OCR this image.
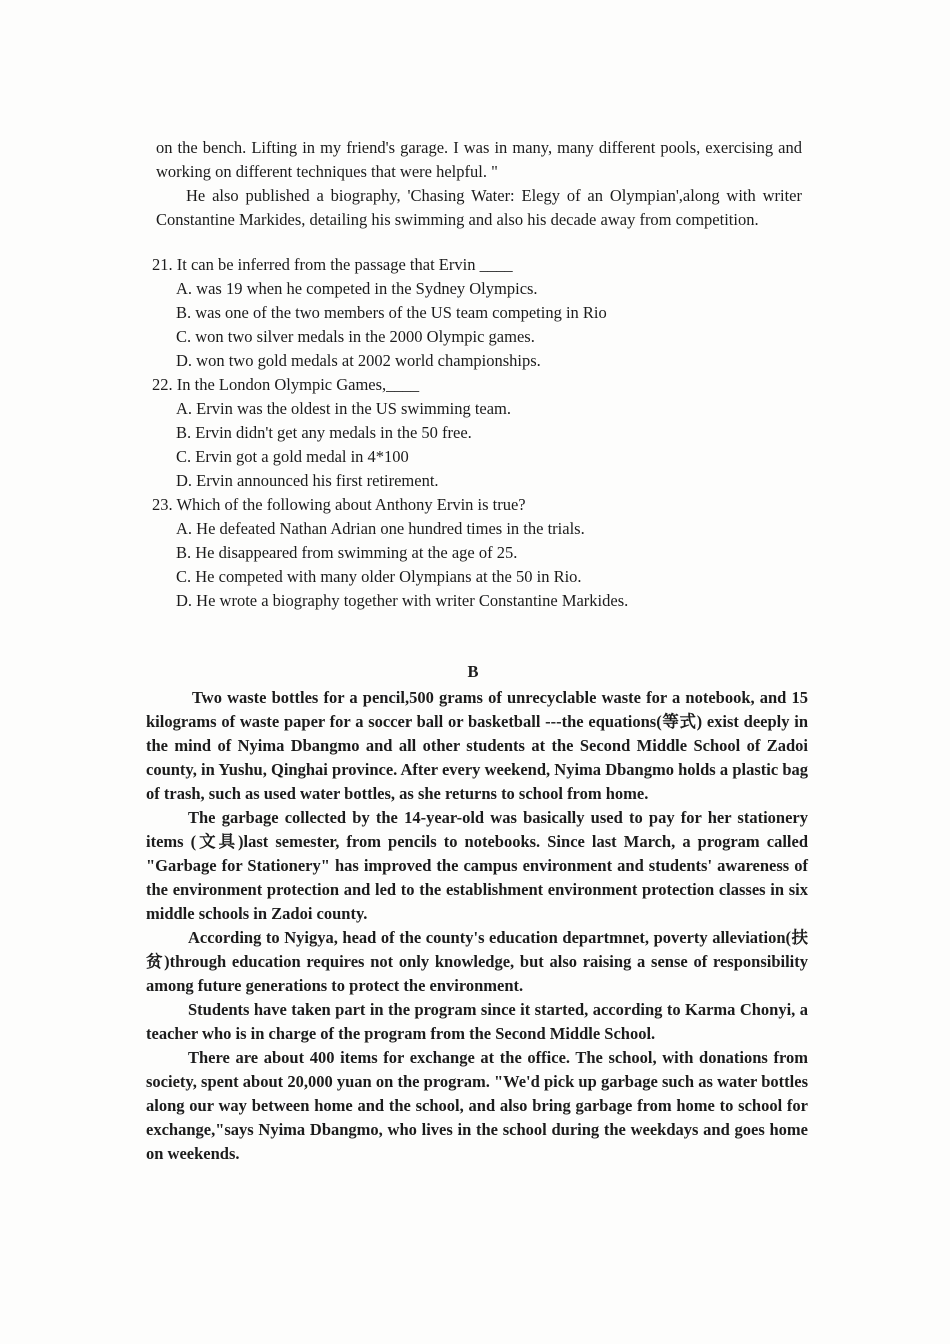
on the bench. Lifting in my friend's garage. I was in many, many different pools, exercising and working on different techniques that were helpful. "

He also published a biography, 'Chasing Water: Elegy of an Olympian',along with writer Constantine Markides, detailing his swimming and also his decade away from competition.

21. It can be inferred from the passage that Ervin ____

A. was 19 when he competed in the Sydney Olympics.
B. was one of the two members of the US team competing in Rio
C. won two silver medals in the 2000 Olympic games.
D. won two gold medals at 2002 world championships.

22. In the London Olympic Games,____

A. Ervin was the oldest in the US swimming team.
B. Ervin didn't get any medals in the 50 free.
C. Ervin got a gold medal in 4*100
D. Ervin announced his first retirement.

23. Which of the following about Anthony Ervin is true?

A. He defeated Nathan Adrian one hundred times in the trials.
B. He disappeared from swimming at the age of 25.
C. He competed with many older Olympians at the 50 in Rio.
D. He wrote a biography together with writer Constantine Markides.

B

Two waste bottles for a pencil,500 grams of unrecyclable waste for a notebook, and 15 kilograms of waste paper for a soccer ball or basketball ---the equations(等式) exist deeply in the mind of Nyima Dbangmo and all other students at the Second Middle School of Zadoi county, in Yushu, Qinghai province. After every weekend, Nyima Dbangmo holds a plastic bag of trash, such as used water bottles, as she returns to school from home.

The garbage collected by the 14-year-old was basically used to pay for her stationery items (文具)last semester, from pencils to notebooks. Since last March, a program called "Garbage for Stationery" has improved the campus environment and students' awareness of the environment protection and led to the establishment environment protection classes in six middle schools in Zadoi county.

According to Nyigya, head of the county's education departmnet, poverty alleviation(扶贫)through education requires not only knowledge, but also raising a sense of responsibility among future generations to protect the environment.

Students have taken part in the program since it started, according to Karma Chonyi, a teacher who is in charge of the program from the Second Middle School.

There are about 400 items for exchange at the office. The school, with donations from society, spent about 20,000 yuan on the program. "We'd pick up garbage such as water bottles along our way between home and the school, and also bring garbage from home to school for exchange,"says Nyima Dbangmo, who lives in the school during the weekdays and goes home on weekends.
